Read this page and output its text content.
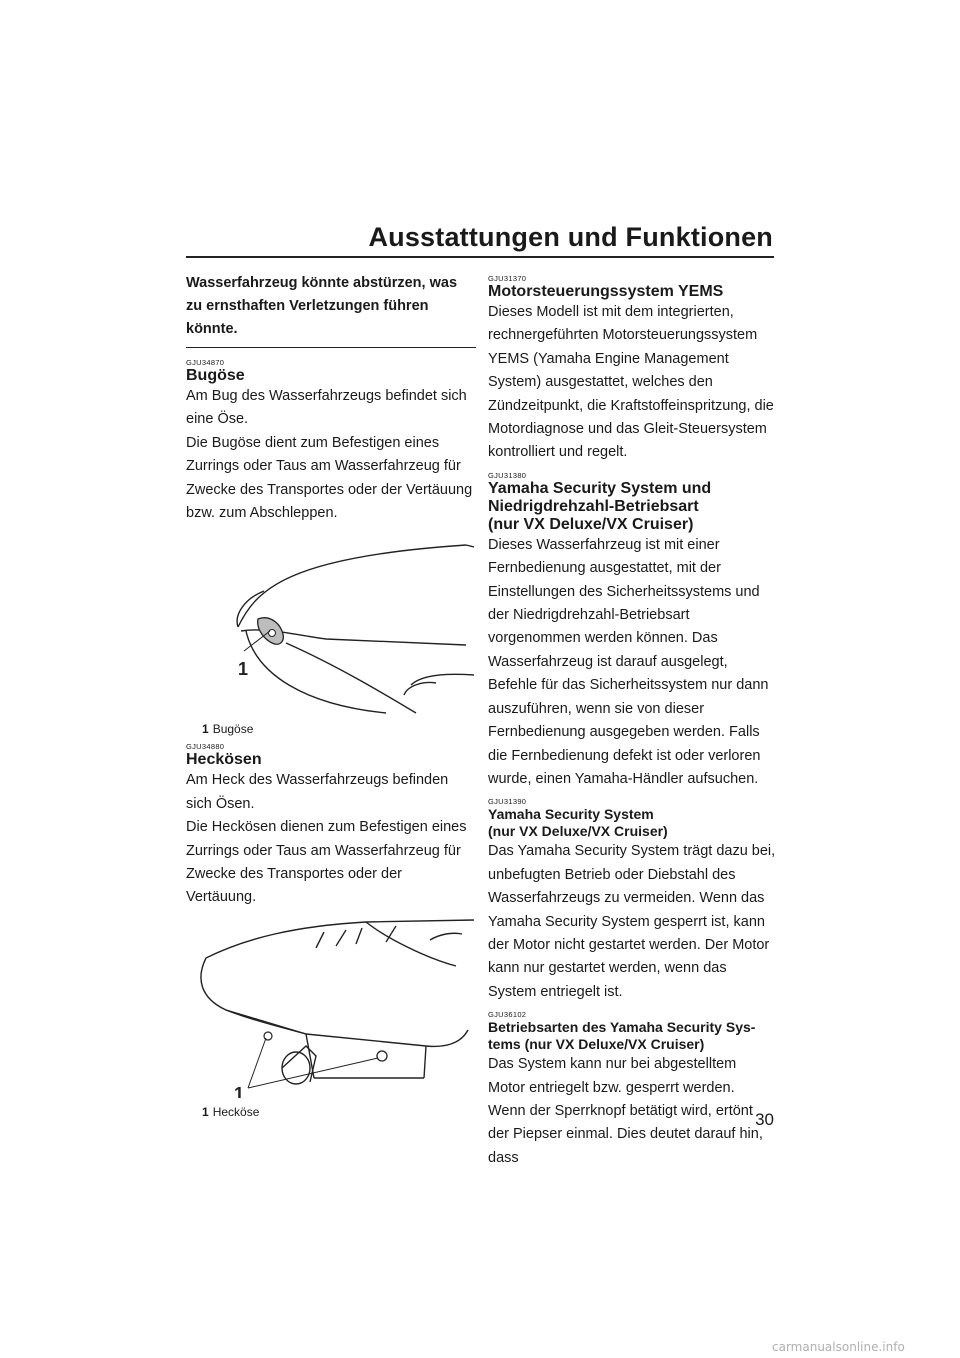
Ausstattungen und Funktionen
Wasserfahrzeug könnte abstürzen, was zu ernsthaften Verletzungen führen könnte.
GJU34870
Bugöse

Am Bug des Wasserfahrzeugs befindet sich eine Öse.

Die Bugöse dient zum Befestigen eines Zurrings oder Taus am Wasserfahrzeug für Zwecke des Transportes oder der Vertäuung bzw. zum Abschleppen.

1
1 Bugöse
GJU34880
Heckösen

Am Heck des Wasserfahrzeugs befinden sich Ösen.

Die Heckösen dienen zum Befestigen eines Zurrings oder Taus am Wasserfahrzeug für Zwecke des Transportes oder der Vertäuung.

1
1 Hecköse
GJU31370
Motorsteuerungssystem YEMS

Dieses Modell ist mit dem integrierten, rechnergeführten Motorsteuerungssystem YEMS (Yamaha Engine Management System) ausgestattet, welches den Zündzeitpunkt, die Kraftstoffeinspritzung, die Motordiagnose und das Gleit-Steuersystem kontrolliert und regelt.

GJU31380
Yamaha Security System und
Niedrigdrehzahl-Betriebsart
(nur VX Deluxe/VX Cruiser)

Dieses Wasserfahrzeug ist mit einer Fernbedienung ausgestattet, mit der Einstellungen des Sicherheitssystems und der Niedrigdrehzahl-Betriebsart vorgenommen werden können. Das Wasserfahrzeug ist darauf ausgelegt, Befehle für das Sicherheitssystem nur dann auszuführen, wenn sie von dieser Fernbedienung ausgegeben werden. Falls die Fernbedienung defekt ist oder verloren wurde, einen Yamaha-Händler aufsuchen.

GJU31390
Yamaha Security System
(nur VX Deluxe/VX Cruiser)

Das Yamaha Security System trägt dazu bei, unbefugten Betrieb oder Diebstahl des Wasserfahrzeugs zu vermeiden. Wenn das Yamaha Security System gesperrt ist, kann der Motor nicht gestartet werden. Der Motor kann nur gestartet werden, wenn das System entriegelt ist.

GJU36102
Betriebsarten des Yamaha Security Sys-
tems (nur VX Deluxe/VX Cruiser)

Das System kann nur bei abgestelltem Motor entriegelt bzw. gesperrt werden.

Wenn der Sperrknopf betätigt wird, ertönt der Piepser einmal. Dies deutet darauf hin, dass

30
carmanualsonline.info
